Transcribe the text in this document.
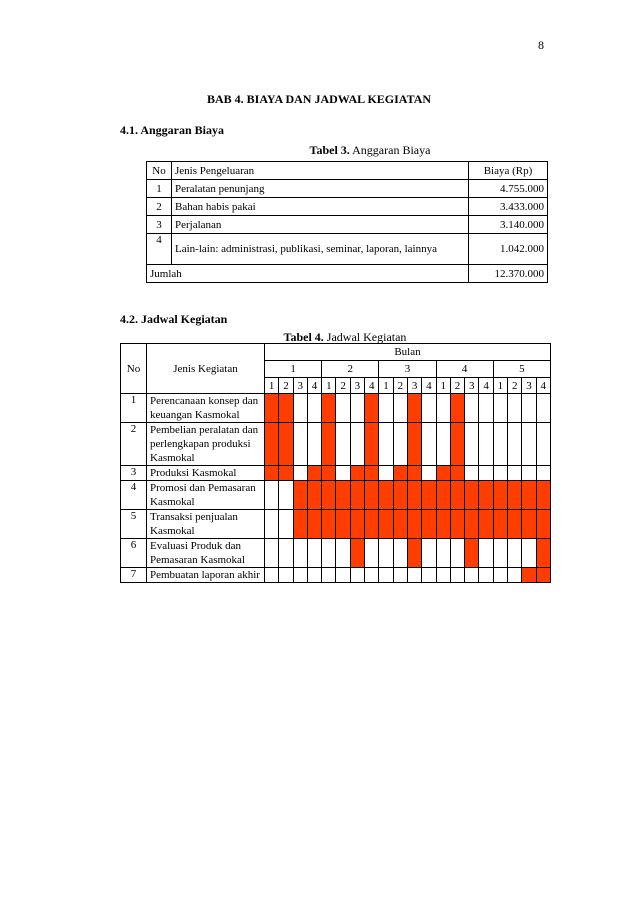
8
BAB 4. BIAYA DAN JADWAL KEGIATAN
4.1. Anggaran Biaya
Tabel 3. Anggaran Biaya
No	Jenis Pengeluaran	Biaya (Rp)
1	Peralatan penunjang	4.755.000
2	Bahan habis pakai	3.433.000
3	Perjalanan	3.140.000
4	Lain-lain: administrasi, publikasi, seminar, laporan, lainnya	1.042.000
Jumlah		12.370.000
4.2. Jadwal Kegiatan
Tabel 4. Jadwal Kegiatan
No	Jenis Kegiatan	Bulan																			
		1				2				3				4				5			
		1	2	3	4	1	2	3	4	1	2	3	4	1	2	3	4	1	2	3	4
1	Perencanaan konsep dan keuangan Kasmokal																				
2	Pembelian peralatan dan perlengkapan produksi Kasmokal																				
3	Produksi Kasmokal																				
4	Promosi dan Pemasaran Kasmokal																				
5	Transaksi penjualan Kasmokal																				
6	Evaluasi Produk dan Pemasaran Kasmokal																				
7	Pembuatan laporan akhir																				
